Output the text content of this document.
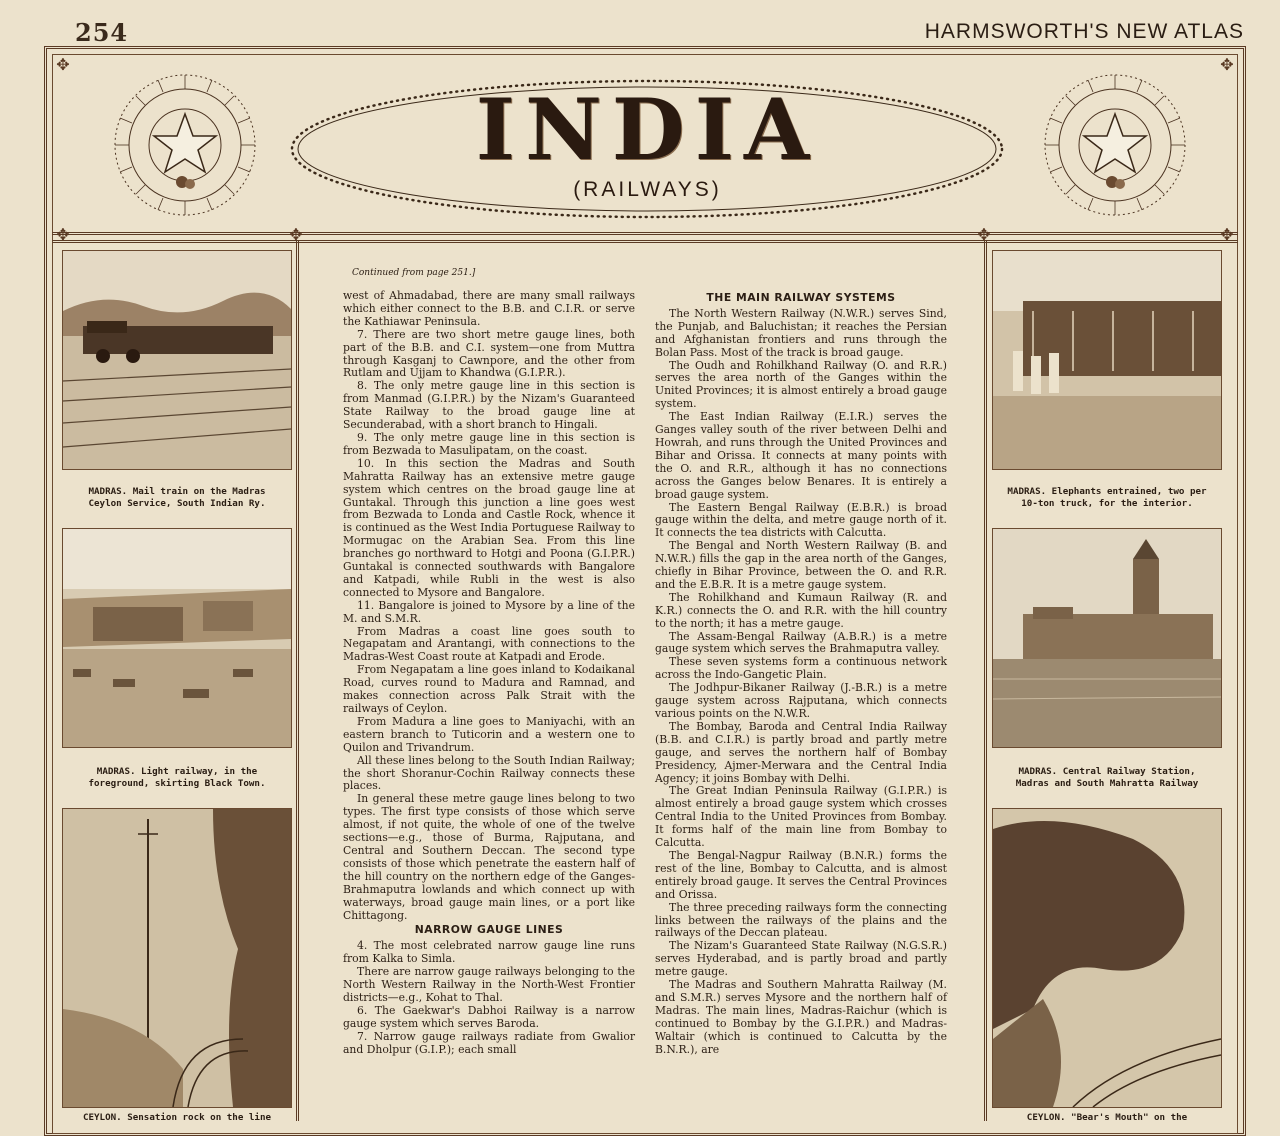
254	HARMSWORTH'S NEW ATLAS
INDIA
(RAILWAYS)
MADRAS. Mail train on the Madras Ceylon Service, South Indian Ry.
MADRAS. Light railway, in the foreground, skirting Black Town.
CEYLON. Sensation rock on the line
MADRAS. Elephants entrained, two per 10-ton truck, for the interior.
MADRAS. Central Railway Station, Madras and South Mahratta Railway
CEYLON. "Bear's Mouth" on the
✥	✥
✥	✥
✥	✥
Continued from page 251.]

west of Ahmadabad, there are many small railways which either connect to the B.B. and C.I.R. or serve the Kathiawar Peninsula.

7. There are two short metre gauge lines, both part of the B.B. and C.I. system—one from Muttra through Kasganj to Cawnpore, and the other from Rutlam and Ujjam to Khandwa (G.I.P.R.).

8. The only metre gauge line in this section is from Manmad (G.I.P.R.) by the Nizam's Guaranteed State Railway to the broad gauge line at Secunderabad, with a short branch to Hingali.

9. The only metre gauge line in this section is from Bezwada to Masulipatam, on the coast.

10. In this section the Madras and South Mahratta Railway has an extensive metre gauge system which centres on the broad gauge line at Guntakal. Through this junction a line goes west from Bezwada to Londa and Castle Rock, whence it is continued as the West India Portuguese Railway to Mormugac on the Arabian Sea. From this line branches go northward to Hotgi and Poona (G.I.P.R.) Guntakal is connected southwards with Bangalore and Katpadi, while Rubli in the west is also connected to Mysore and Bangalore.

11. Bangalore is joined to Mysore by a line of the M. and S.M.R.

From Madras a coast line goes south to Negapatam and Arantangi, with connections to the Madras-West Coast route at Katpadi and Erode.

From Negapatam a line goes inland to Kodaikanal Road, curves round to Madura and Ramnad, and makes connection across Palk Strait with the railways of Ceylon.

From Madura a line goes to Maniyachi, with an eastern branch to Tuticorin and a western one to Quilon and Trivandrum.

All these lines belong to the South Indian Railway; the short Shoranur-Cochin Railway connects these places.

In general these metre gauge lines belong to two types. The first type consists of those which serve almost, if not quite, the whole of one of the twelve sections—e.g., those of Burma, Rajputana, and Central and Southern Deccan. The second type consists of those which penetrate the eastern half of the hill country on the northern edge of the Ganges-Brahmaputra lowlands and which connect up with waterways, broad gauge main lines, or a port like Chittagong.

NARROW GAUGE LINES

4. The most celebrated narrow gauge line runs from Kalka to Simla.

There are narrow gauge railways belonging to the North Western Railway in the North-West Frontier districts—e.g., Kohat to Thal.

6. The Gaekwar's Dabhoi Railway is a narrow gauge system which serves Baroda.

7. Narrow gauge railways radiate from Gwalior and Dholpur (G.I.P.); each small

THE MAIN RAILWAY SYSTEMS

The North Western Railway (N.W.R.) serves Sind, the Punjab, and Baluchistan; it reaches the Persian and Afghanistan frontiers and runs through the Bolan Pass. Most of the track is broad gauge.

The Oudh and Rohilkhand Railway (O. and R.R.) serves the area north of the Ganges within the United Provinces; it is almost entirely a broad gauge system.

The East Indian Railway (E.I.R.) serves the Ganges valley south of the river between Delhi and Howrah, and runs through the United Provinces and Bihar and Orissa. It connects at many points with the O. and R.R., although it has no connections across the Ganges below Benares. It is entirely a broad gauge system.

The Eastern Bengal Railway (E.B.R.) is broad gauge within the delta, and metre gauge north of it. It connects the tea districts with Calcutta.

The Bengal and North Western Railway (B. and N.W.R.) fills the gap in the area north of the Ganges, chiefly in Bihar Province, between the O. and R.R. and the E.B.R. It is a metre gauge system.

The Rohilkhand and Kumaun Railway (R. and K.R.) connects the O. and R.R. with the hill country to the north; it has a metre gauge.

The Assam-Bengal Railway (A.B.R.) is a metre gauge system which serves the Brahmaputra valley.

These seven systems form a continuous network across the Indo-Gangetic Plain.

The Jodhpur-Bikaner Railway (J.-B.R.) is a metre gauge system across Rajputana, which connects various points on the N.W.R.

The Bombay, Baroda and Central India Railway (B.B. and C.I.R.) is partly broad and partly metre gauge, and serves the northern half of Bombay Presidency, Ajmer-Merwara and the Central India Agency; it joins Bombay with Delhi.

The Great Indian Peninsula Railway (G.I.P.R.) is almost entirely a broad gauge system which crosses Central India to the United Provinces from Bombay. It forms half of the main line from Bombay to Calcutta.

The Bengal-Nagpur Railway (B.N.R.) forms the rest of the line, Bombay to Calcutta, and is almost entirely broad gauge. It serves the Central Provinces and Orissa.

The three preceding railways form the connecting links between the railways of the plains and the railways of the Deccan plateau.

The Nizam's Guaranteed State Railway (N.G.S.R.) serves Hyderabad, and is partly broad and partly metre gauge.

The Madras and Southern Mahratta Railway (M. and S.M.R.) serves Mysore and the northern half of Madras. The main lines, Madras-Raichur (which is continued to Bombay by the G.I.P.R.) and Madras-Waltair (which is continued to Calcutta by the B.N.R.), are
